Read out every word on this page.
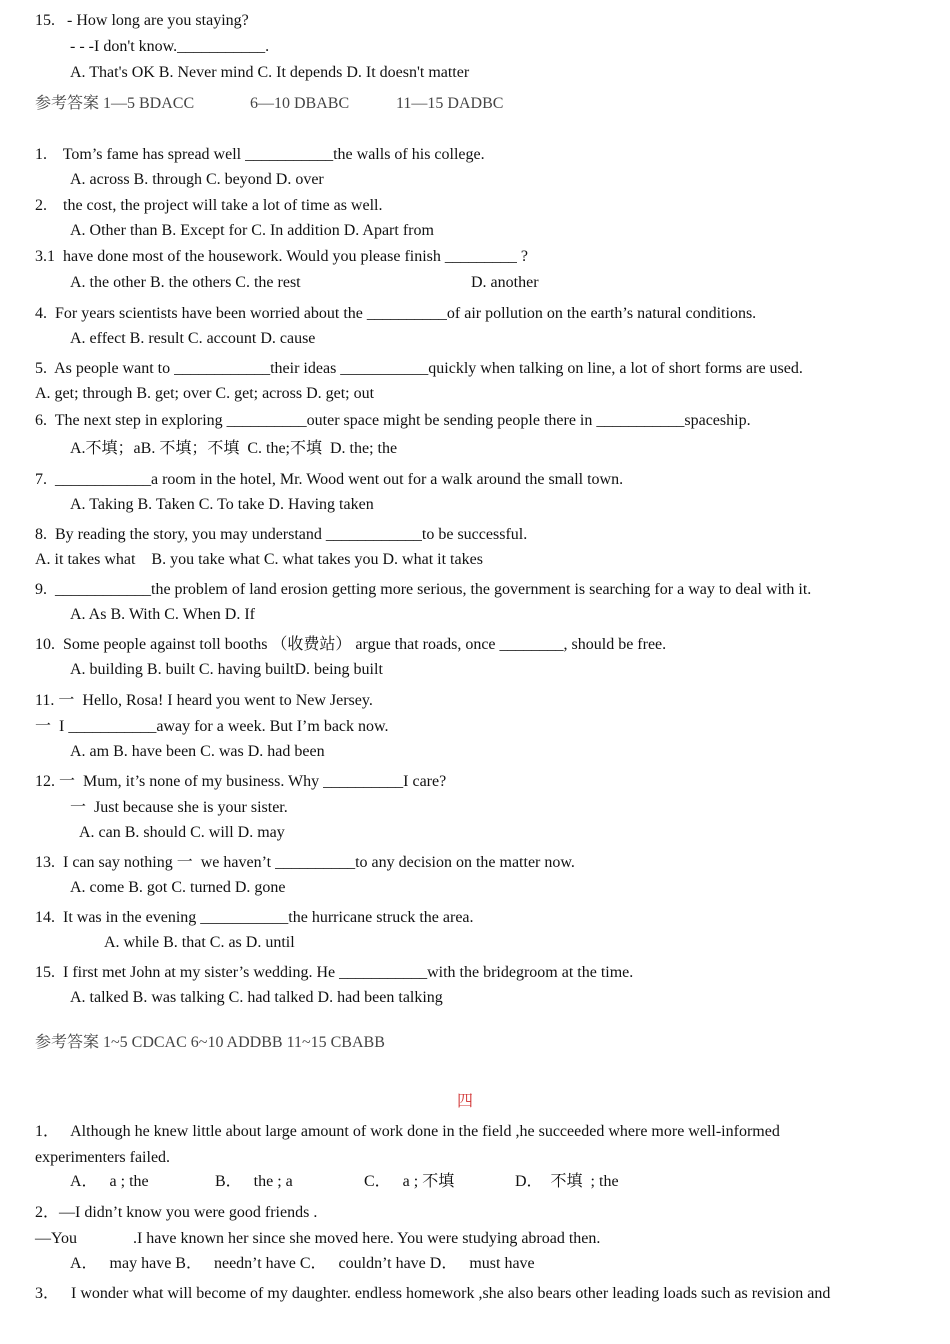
15.   - How long are you staying?
- - -I don't know.___________.
A. That's OK B. Never mind C. It depends D. It doesn't matter
参考答案 1—5 BDACC	6—10 DBABC	11—15 DADBC
1.    Tom’s fame has spread well ___________the walls of his college.
A. across B. through C. beyond D. over
2.    the cost, the project will take a lot of time as well.
A. Other than B. Except for C. In addition D. Apart from
3.1  have done most of the housework. Would you please finish _________ ?
A. the other B. the others C. the rest	D. another
4.  For years scientists have been worried about the __________of air pollution on the earth’s natural conditions.
A. effect B. result C. account D. cause
5.  As people want to ____________their ideas ___________quickly when talking on line, a lot of short forms are used.
A. get; through B. get; over C. get; across D. get; out
6.  The next step in exploring __________outer space might be sending people there in ___________spaceship.
A.不填；aB. 不填；不填  C. the;不填  D. the; the
7.  ____________a room in the hotel, Mr. Wood went out for a walk around the small town.
A. Taking B. Taken C. To take D. Having taken
8.  By reading the story, you may understand ____________to be successful.
A. it takes what    B. you take what C. what takes you D. what it takes
9.  ____________the problem of land erosion getting more serious, the government is searching for a way to deal with it.
A. As B. With C. When D. If
10.  Some people against toll booths （收费站） argue that roads, once ________, should be free.
A. building B. built C. having builtD. being built
11. 一  Hello, Rosa! I heard you went to New Jersey.
一  I ___________away for a week. But I’m back now.
A. am B. have been C. was D. had been
12. 一  Mum, it’s none of my business. Why __________I care?
一  Just because she is your sister.
A. can B. should C. will D. may
13.  I can say nothing 一  we haven’t __________to any decision on the matter now.
A. come B. got C. turned D. gone
14.  It was in the evening ___________the hurricane struck the area.
A. while B. that C. as D. until
15.  I first met John at my sister’s wedding. He ___________with the bridegroom at the time.
A. talked B. was talking C. had talked D. had been talking
参考答案 1~5 CDCAC 6~10 ADDBB 11~15 CBABB
四
1．   Although he knew little about large amount of work done in the field ,he succeeded where more well-informed
experimenters failed.
A．   a ; the	B．   the ; a	C．   a ; 不填	D．  不填  ; the
2．—I didn’t know you were good friends .
—You              .I have known her since she moved here. You were studying abroad then.
A．   may have B．   needn’t have C．   couldn’t have D．   must have
3．   I wonder what will become of my daughter. endless homework ,she also bears other leading loads such as revision and
